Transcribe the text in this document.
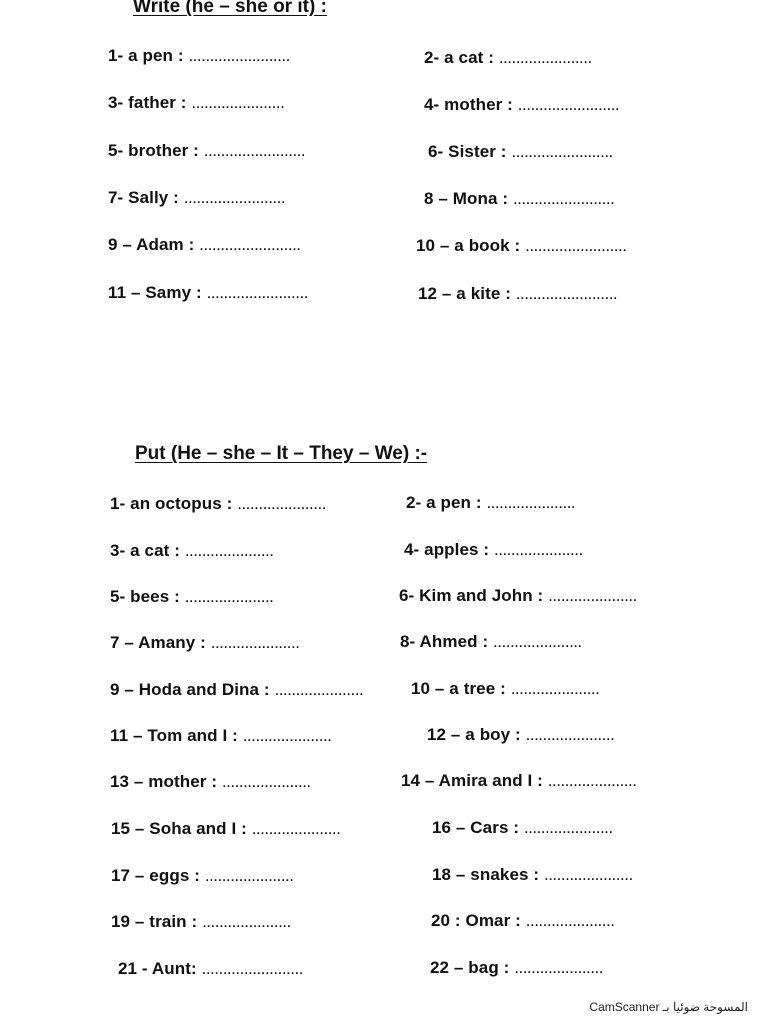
Write (he – she or it) :
1- a pen : ........................	2- a cat : ......................
3- father : ......................	4- mother : ........................
5- brother : ........................	6- Sister : ........................
7- Sally : ........................	8 – Mona : ........................
9 – Adam : ........................	10 – a book : ........................
11 – Samy : ........................	12 – a kite : ........................
Put (He – she – It – They – We) :-
1- an octopus : .....................	2- a pen : .....................
3- a cat : .....................	4- apples : .....................
5- bees : .....................	6- Kim and John : .....................
7 – Amany : .....................	8- Ahmed : .....................
9 – Hoda and Dina : .....................	10 – a tree : .....................
11 – Tom and I : .....................	12 – a boy : .....................
13 – mother : .....................	14 – Amira and I : .....................
15 – Soha and I : .....................	16 – Cars : .....................
17 – eggs : .....................	18 – snakes : .....................
19 – train : .....................	20 : Omar : .....................
21 - Aunt: ........................	22 – bag : .....................
CamScanner المسوحة ضوئيا بـ
